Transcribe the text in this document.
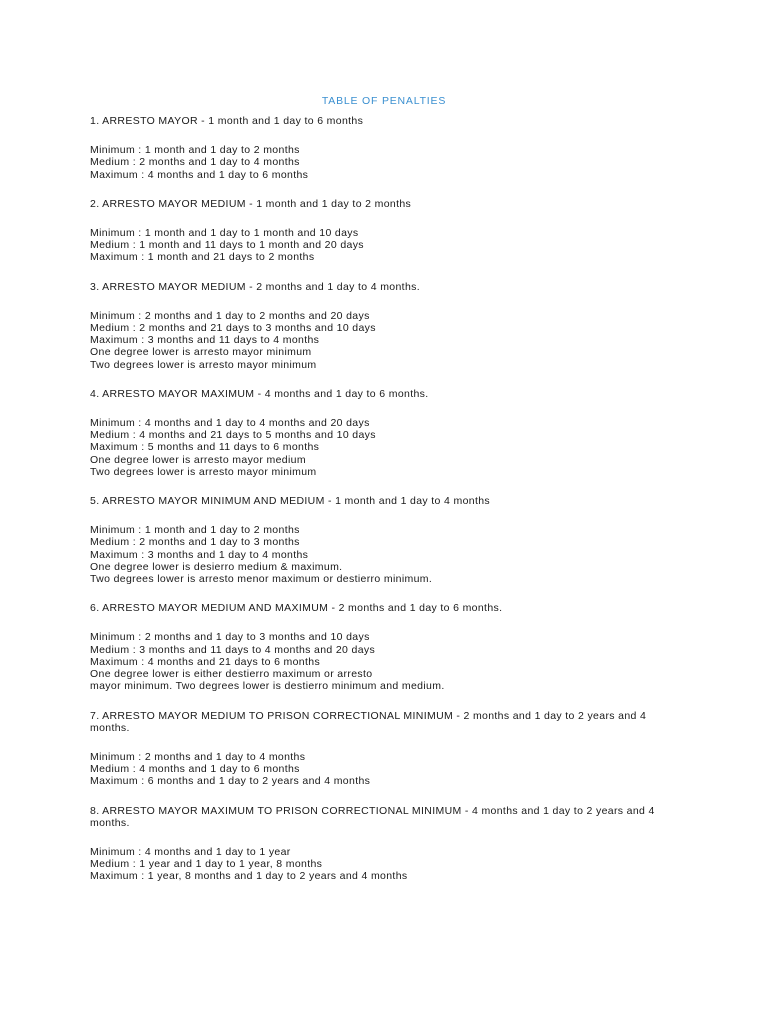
TABLE OF PENALTIES
1. ARRESTO MAYOR - 1 month and 1 day to 6 months
Minimum : 1 month and 1 day to 2 months
Medium : 2 months and 1 day to 4 months
Maximum : 4 months and 1 day to 6 months
2. ARRESTO MAYOR MEDIUM - 1 month and 1 day to 2 months
Minimum : 1 month and 1 day to 1 month and 10 days
Medium : 1 month and 11 days to 1 month and 20 days
Maximum : 1 month and 21 days to 2 months
3. ARRESTO MAYOR MEDIUM - 2 months and 1 day to 4 months.
Minimum : 2 months and 1 day to 2 months and 20 days
Medium : 2 months and 21 days to 3 months and 10 days
Maximum : 3 months and 11 days to 4 months
One degree lower is arresto mayor minimum
Two degrees lower is arresto mayor minimum
4. ARRESTO MAYOR MAXIMUM - 4 months and 1 day to 6 months.
Minimum : 4 months and 1 day to 4 months and 20 days
Medium : 4 months and 21 days to 5 months and 10 days
Maximum : 5 months and 11 days to 6 months
One degree lower is arresto mayor medium
Two degrees lower is arresto mayor minimum
5. ARRESTO MAYOR MINIMUM AND MEDIUM - 1 month and 1 day to 4 months
Minimum : 1 month and 1 day to 2 months
Medium : 2 months and 1 day to 3 months
Maximum : 3 months and 1 day to 4 months
One degree lower is desierro medium & maximum.
Two degrees lower is arresto menor maximum or destierro minimum.
6. ARRESTO MAYOR MEDIUM AND MAXIMUM - 2 months and 1 day to 6 months.
Minimum : 2 months and 1 day to 3 months and 10 days
Medium : 3 months and 11 days to 4 months and 20 days
Maximum : 4 months and 21 days to 6 months
One degree lower is either destierro maximum or arresto
mayor minimum. Two degrees lower is destierro minimum and medium.
7. ARRESTO MAYOR MEDIUM TO PRISON CORRECTIONAL MINIMUM - 2 months and 1 day to 2 years and 4 months.
Minimum : 2 months and 1 day to 4 months
Medium : 4 months and 1 day to 6 months
Maximum : 6 months and 1 day to 2 years and 4 months
8. ARRESTO MAYOR MAXIMUM TO PRISON CORRECTIONAL MINIMUM - 4 months and 1 day to 2 years and 4 months.
Minimum : 4 months and 1 day to 1 year
Medium : 1 year and 1 day to 1 year, 8 months
Maximum : 1 year, 8 months and 1 day to 2 years and 4 months
